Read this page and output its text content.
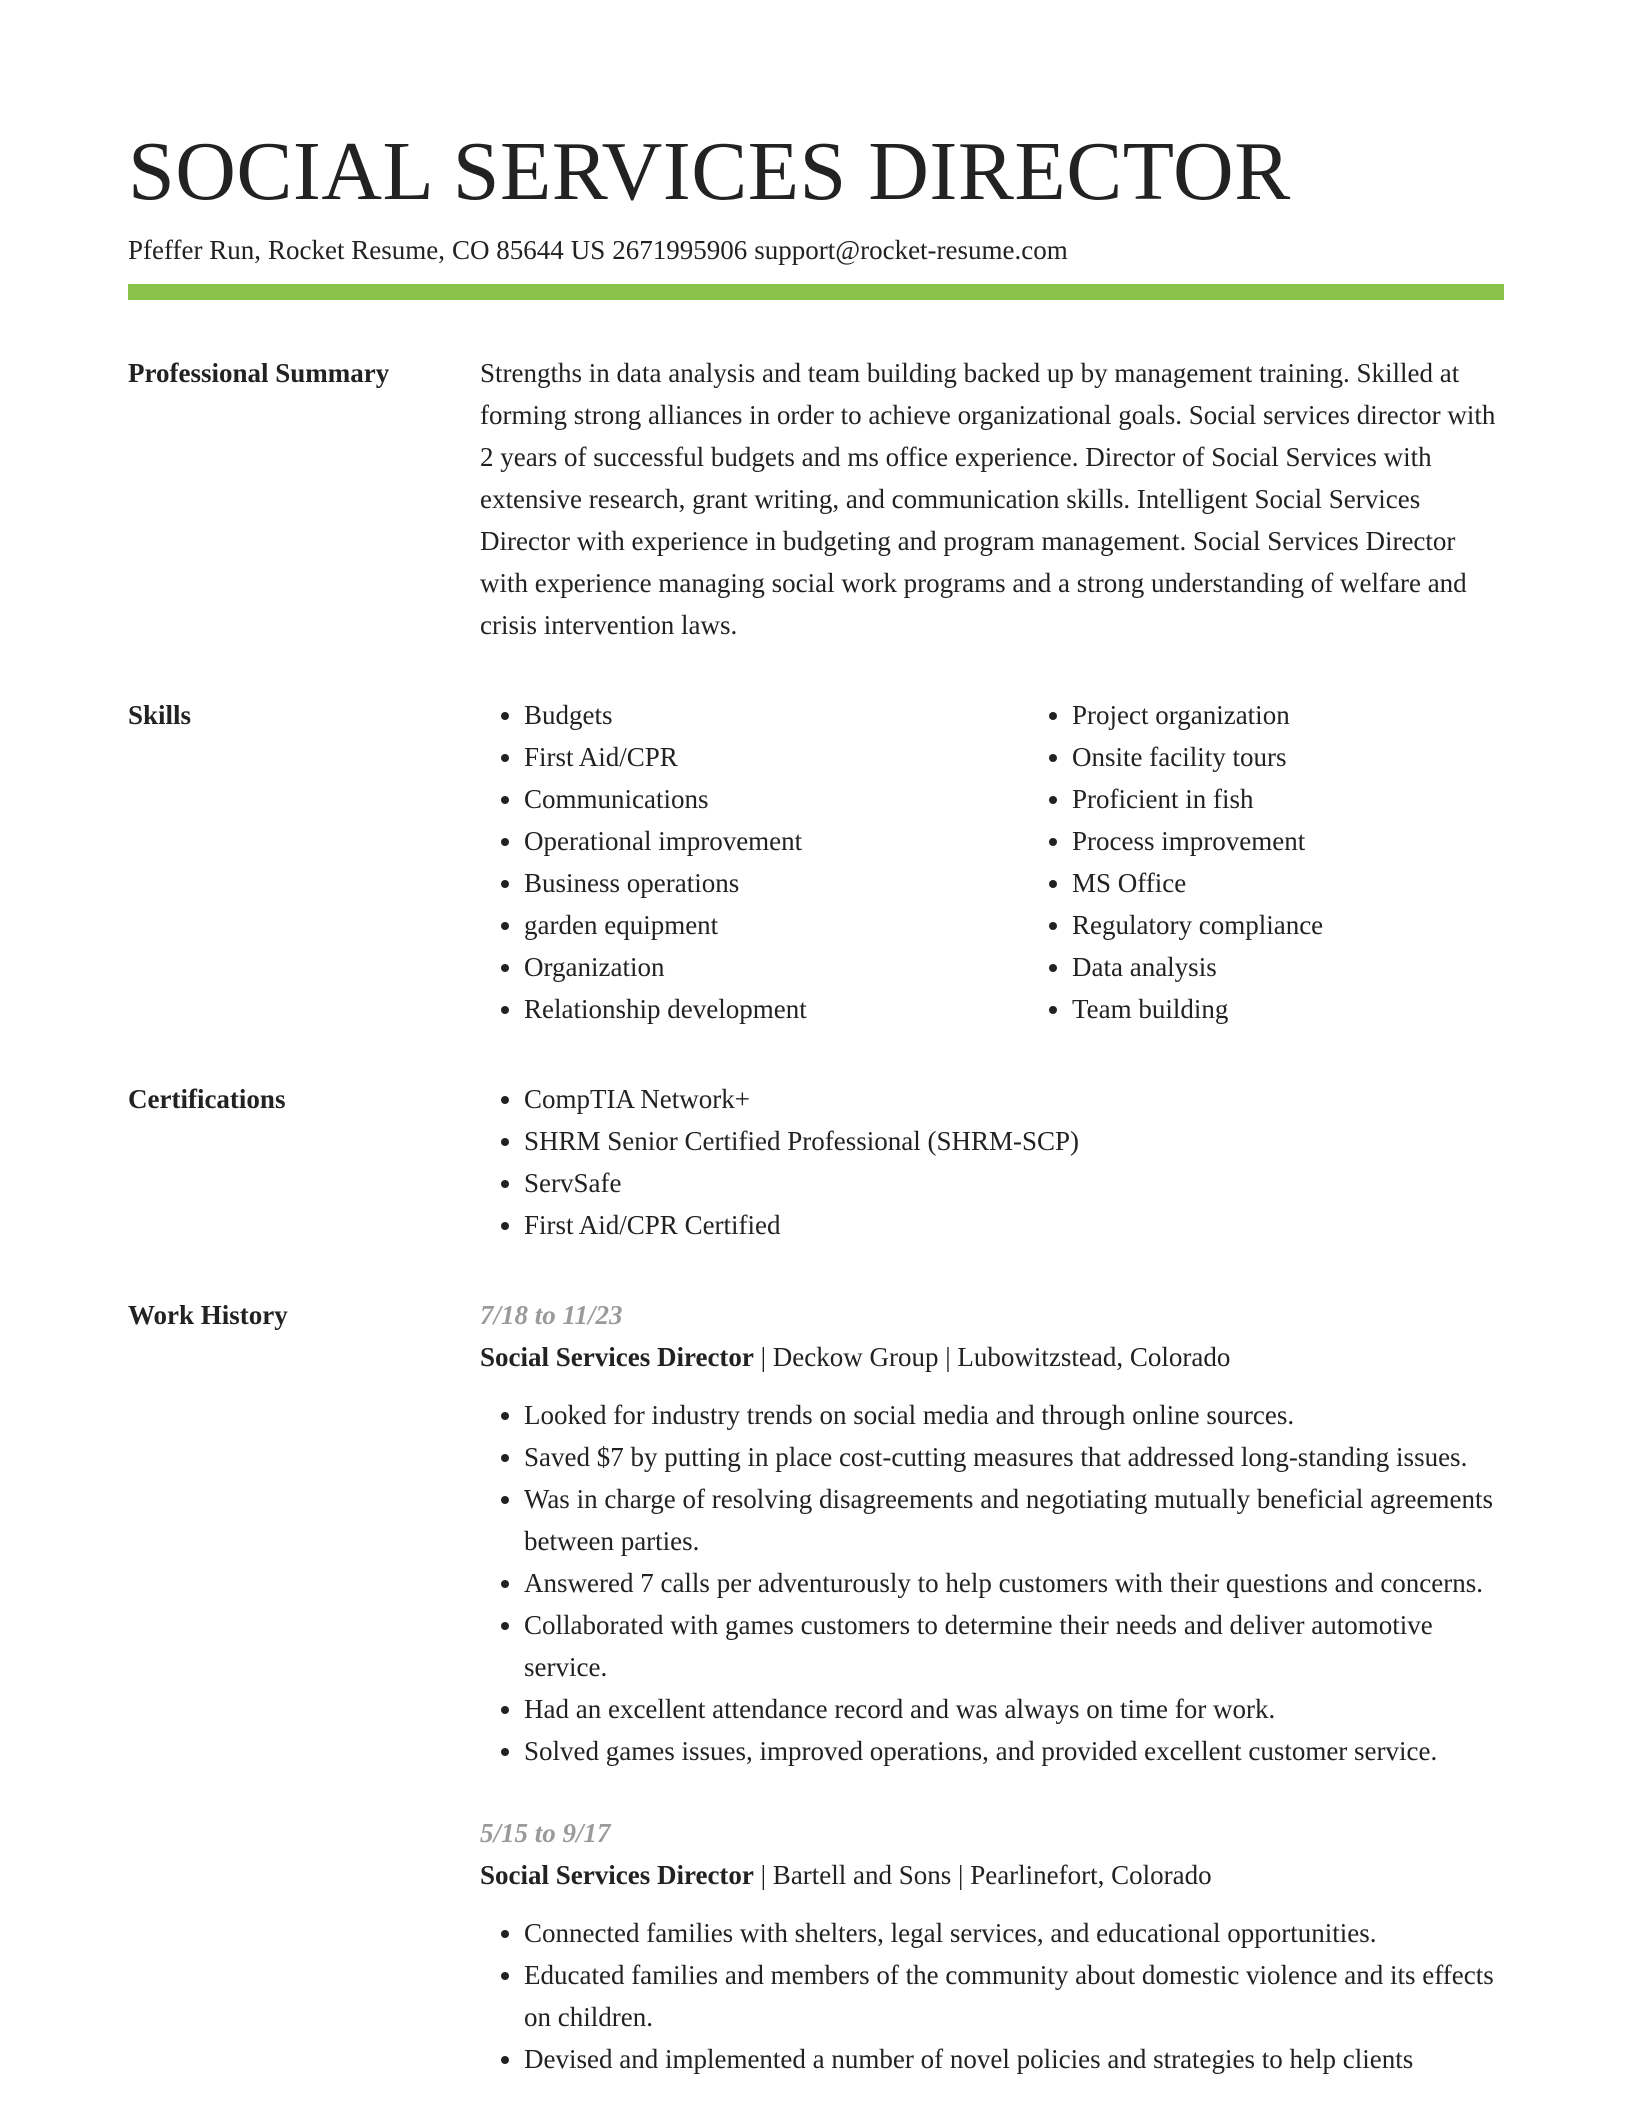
SOCIAL SERVICES DIRECTOR
Pfeffer Run, Rocket Resume, CO 85644 US 2671995906 support@rocket-resume.com
Professional Summary	Strengths in data analysis and team building backed up by management training. Skilled at forming strong alliances in order to achieve organizational goals. Social services director with 2 years of successful budgets and ms office experience. Director of Social Services with extensive research, grant writing, and communication skills. Intelligent Social Services Director with experience in budgeting and program management. Social Services Director with experience managing social work programs and a strong understanding of welfare and crisis intervention laws.

Skills	• Budgets
• First Aid/CPR
• Communications
• Operational improvement
• Business operations
• garden equipment
• Organization
• Relationship development
• Project organization
• Onsite facility tours
• Proficient in fish
• Process improvement
• MS Office
• Regulatory compliance
• Data analysis
• Team building
Certifications	• CompTIA Network+
• SHRM Senior Certified Professional (SHRM-SCP)
• ServSafe
• First Aid/CPR Certified
Work History	7/18 to 11/23
Social Services Director | Deckow Group | Lubowitzstead, Colorado
• Looked for industry trends on social media and through online sources.
• Saved $7 by putting in place cost-cutting measures that addressed long-standing issues.
• Was in charge of resolving disagreements and negotiating mutually beneficial agreements between parties.
• Answered 7 calls per adventurously to help customers with their questions and concerns.
• Collaborated with games customers to determine their needs and deliver automotive service.
• Had an excellent attendance record and was always on time for work.
• Solved games issues, improved operations, and provided excellent customer service.
5/15 to 9/17
Social Services Director | Bartell and Sons | Pearlinefort, Colorado
• Connected families with shelters, legal services, and educational opportunities.
• Educated families and members of the community about domestic violence and its effects on children.
• Devised and implemented a number of novel policies and strategies to help clients
